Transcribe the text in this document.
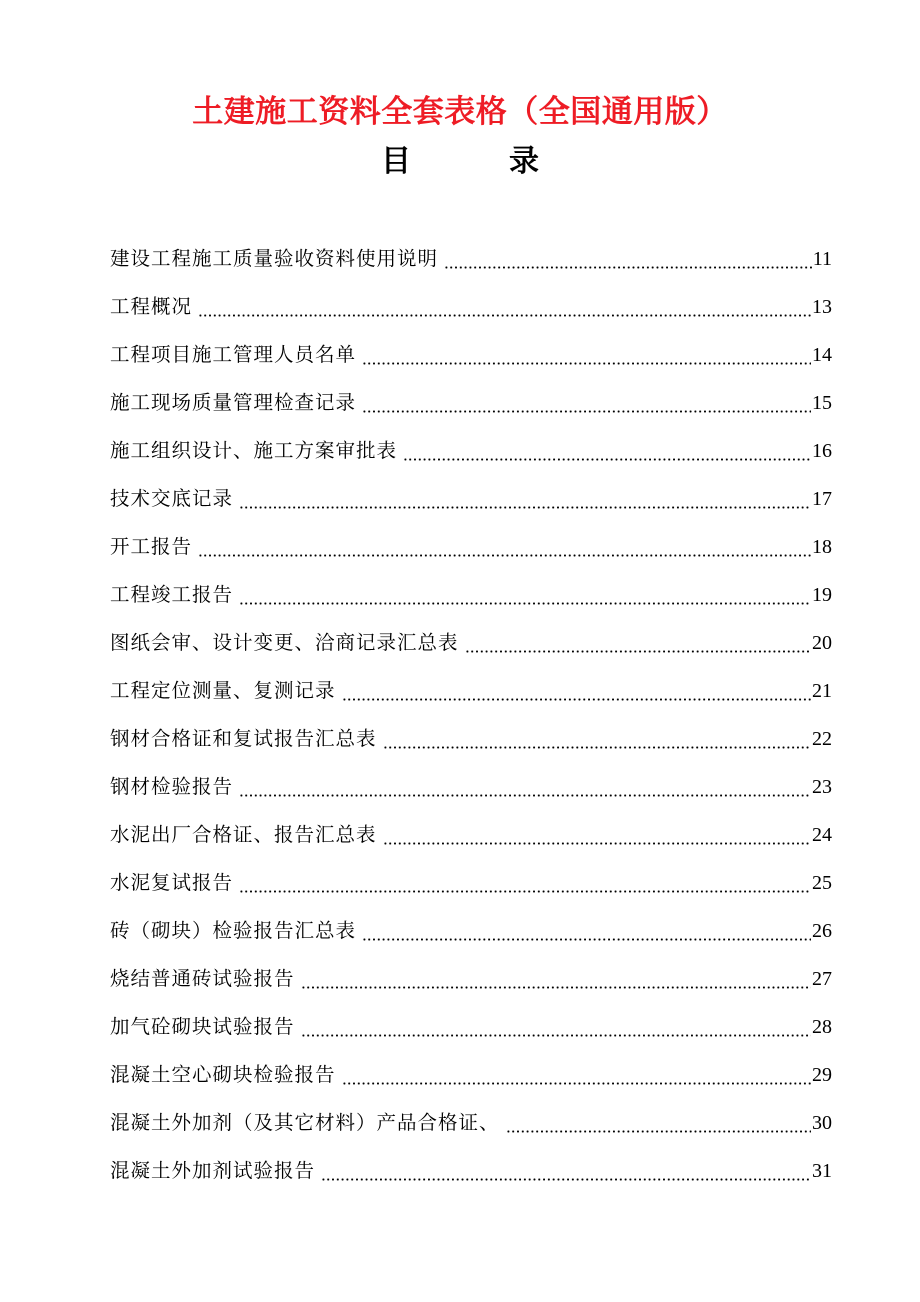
土建施工资料全套表格（全国通用版）
目	录
建设工程施工质量验收资料使用说明	11
工程概况	13
工程项目施工管理人员名单	14
施工现场质量管理检查记录	15
施工组织设计、施工方案审批表	16
技术交底记录	17
开工报告	18
工程竣工报告	19
图纸会审、设计变更、洽商记录汇总表	20
工程定位测量、复测记录	21
钢材合格证和复试报告汇总表	22
钢材检验报告	23
水泥出厂合格证、报告汇总表	24
水泥复试报告	25
砖（砌块）检验报告汇总表	26
烧结普通砖试验报告	27
加气砼砌块试验报告	28
混凝土空心砌块检验报告	29
混凝土外加剂（及其它材料）产品合格证、	30
混凝土外加剂试验报告	31
